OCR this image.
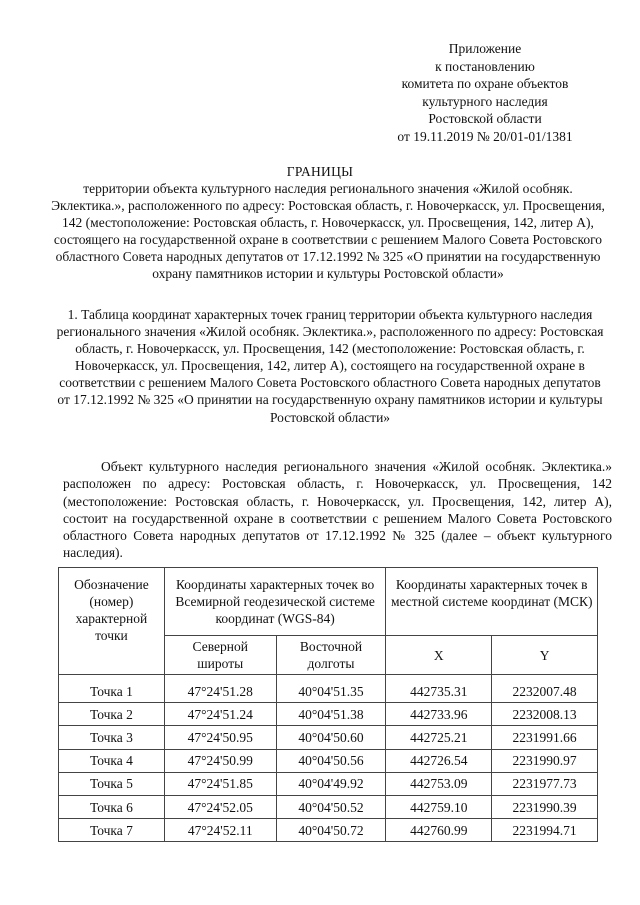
Приложение
к постановлению
комитета по охране объектов
культурного наследия
Ростовской области
от 19.11.2019 № 20/01-01/1381
ГРАНИЦЫ
территории объекта культурного наследия регионального значения «Жилой особняк. Эклектика.», расположенного по адресу: Ростовская область, г. Новочеркасск, ул. Просвещения, 142 (местоположение: Ростовская область, г. Новочеркасск, ул. Просвещения, 142, литер А), состоящего на государственной охране в соответствии с решением Малого Совета Ростовского областного Совета народных депутатов от 17.12.1992 № 325 «О принятии на государственную охрану памятников истории и культуры Ростовской области»
1. Таблица координат характерных точек границ территории объекта культурного наследия регионального значения «Жилой особняк. Эклектика.», расположенного по адресу: Ростовская область, г. Новочеркасск, ул. Просвещения, 142 (местоположение: Ростовская область, г. Новочеркасск, ул. Просвещения, 142, литер А), состоящего на государственной охране в соответствии с решением Малого Совета Ростовского областного Совета народных депутатов от 17.12.1992 № 325 «О принятии на государственную охрану памятников истории и культуры Ростовской области»
Объект культурного наследия регионального значения «Жилой особняк. Эклектика.» расположен по адресу: Ростовская область, г. Новочеркасск, ул. Просвещения, 142 (местоположение: Ростовская область, г. Новочеркасск, ул. Просвещения, 142, литер А), состоит на государственной охране в соответствии с решением Малого Совета Ростовского областного Совета народных депутатов от 17.12.1992 № 325 (далее – объект культурного наследия).
Обозначение (номер) характерной точки	Координаты характерных точек во Всемирной геодезической системе координат (WGS-84)		Координаты характерных точек в местной системе координат (МСК)	
	Северной широты	Восточной долготы	X	Y
Точка 1	47°24'51.28	40°04'51.35	442735.31	2232007.48
Точка 2	47°24'51.24	40°04'51.38	442733.96	2232008.13
Точка 3	47°24'50.95	40°04'50.60	442725.21	2231991.66
Точка 4	47°24'50.99	40°04'50.56	442726.54	2231990.97
Точка 5	47°24'51.85	40°04'49.92	442753.09	2231977.73
Точка 6	47°24'52.05	40°04'50.52	442759.10	2231990.39
Точка 7	47°24'52.11	40°04'50.72	442760.99	2231994.71
